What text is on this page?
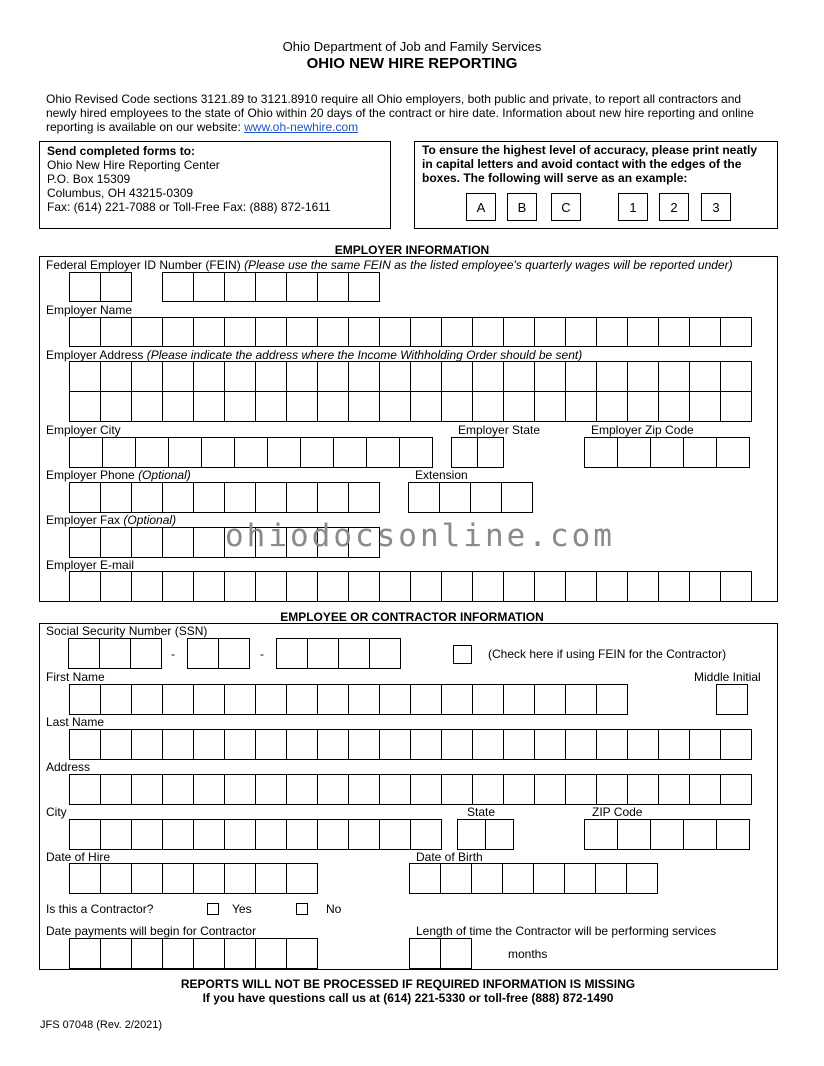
Ohio Department of Job and Family Services
OHIO NEW HIRE REPORTING
Ohio Revised Code sections 3121.89 to 3121.8910 require all Ohio employers, both public and private, to report all contractors and
newly hired employees to the state of Ohio within 20 days of the contract or hire date. Information about new hire reporting and online
reporting is available on our website: www.oh-newhire.com
Send completed forms to:
Ohio New Hire Reporting Center
P.O. Box 15309
Columbus, OH 43215-0309
Fax: (614) 221-7088 or Toll-Free Fax: (888) 872-1611
To ensure the highest level of accuracy, please print neatly
in capital letters and avoid contact with the edges of the
boxes. The following will serve as an example:
A	B	C	1	2	3
EMPLOYER INFORMATION
Federal Employer ID Number (FEIN) (Please use the same FEIN as the listed employee's quarterly wages will be reported under)
Employer Name
Employer Address (Please indicate the address where the Income Withholding Order should be sent)
Employer City	Employer State	Employer Zip Code
Employer Phone (Optional)	Extension
Employer Fax (Optional)
Employer E-mail
ohiodocsonline.com
EMPLOYEE OR CONTRACTOR INFORMATION
Social Security Number (SSN)
-	-	(Check here if using FEIN for the Contractor)
First Name	Middle Initial
Last Name
Address
City	State	ZIP Code
Date of Hire	Date of Birth
Is this a Contractor?	Yes	No
Date payments will begin for Contractor	Length of time the Contractor will be performing services
months
REPORTS WILL NOT BE PROCESSED IF REQUIRED INFORMATION IS MISSING
If you have questions call us at (614) 221-5330 or toll-free (888) 872-1490
JFS 07048 (Rev. 2/2021)
